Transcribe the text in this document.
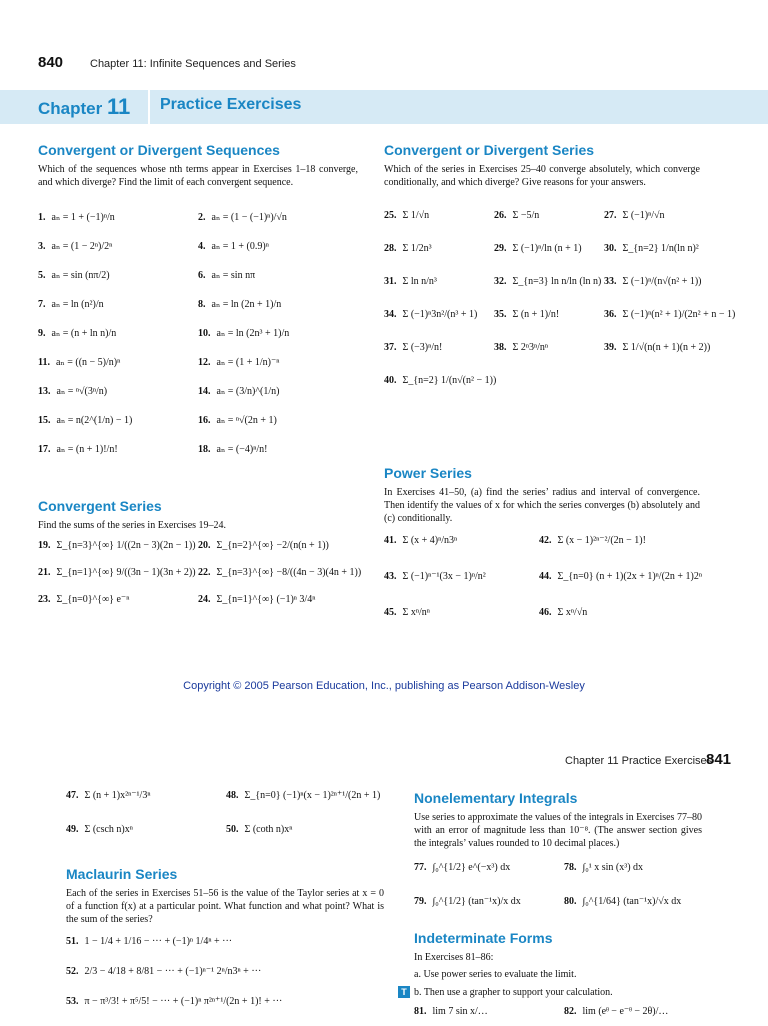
840 Chapter 11: Infinite Sequences and Series
Chapter 11 Practice Exercises
Convergent or Divergent Sequences
Which of the sequences whose nth terms appear in Exercises 1–18 converge, and which diverge? Find the limit of each convergent sequence.
1. aₙ = 1 + (−1)ⁿ/n	2. aₙ = (1 − (−1)ⁿ)/√n
3. aₙ = (1 − 2ⁿ)/2ⁿ	4. aₙ = 1 + (0.9)ⁿ
5. aₙ = sin (nπ/2)	6. aₙ = sin nπ
7. aₙ = ln (n²)/n	8. aₙ = ln (2n + 1)/n
9. aₙ = (n + ln n)/n	10. aₙ = ln (2n³ + 1)/n
11. aₙ = ((n − 5)/n)ⁿ	12. aₙ = (1 + 1/n)⁻ⁿ
13. aₙ = ⁿ√(3ⁿ/n)	14. aₙ = (3/n)^(1/n)
15. aₙ = n(2^(1/n) − 1)	16. aₙ = ⁿ√(2n + 1)
17. aₙ = (n + 1)!/n!	18. aₙ = (−4)ⁿ/n!
Convergent Series
Find the sums of the series in Exercises 19–24.
19. Σ_{n=3}^{∞} 1/((2n − 3)(2n − 1)) 20. Σ_{n=2}^{∞} −2/(n(n + 1))
21. Σ_{n=1}^{∞} 9/((3n − 1)(3n + 2)) 22. Σ_{n=3}^{∞} −8/((4n − 3)(4n + 1))
23. Σ_{n=0}^{∞} e⁻ⁿ	24. Σ_{n=1}^{∞} (−1)ⁿ 3/4ⁿ
Convergent or Divergent Series
Which of the series in Exercises 25–40 converge absolutely, which converge conditionally, and which diverge? Give reasons for your answers.
25. Σ 1/√n	26. Σ −5/n	27. Σ (−1)ⁿ/√n
28. Σ 1/2n³	29. Σ (−1)ⁿ/ln (n + 1) 30. Σ_{n=2} 1/n(ln n)²
31. Σ ln n/n³	32. Σ_{n=3} ln n/ln (ln n) 33. Σ (−1)ⁿ/(n√(n² + 1))
34. Σ (−1)ⁿ3n²/(n³ + 1) 35. Σ (n + 1)/n!	36. Σ (−1)ⁿ(n² + 1)/(2n² + n − 1)
37. Σ (−3)ⁿ/n!	38. Σ 2ⁿ3ⁿ/nⁿ	39. Σ 1/√(n(n + 1)(n + 2))
40. Σ_{n=2} 1/(n√(n² − 1))
Power Series
In Exercises 41–50, (a) find the series’ radius and interval of convergence. Then identify the values of x for which the series converges (b) absolutely and (c) conditionally.
41. Σ (x + 4)ⁿ/n3ⁿ	42. Σ (x − 1)²ⁿ⁻²/(2n − 1)!
43. Σ (−1)ⁿ⁻¹(3x − 1)ⁿ/n²	44. Σ_{n=0} (n + 1)(2x + 1)ⁿ/(2n + 1)2ⁿ
45. Σ xⁿ/nⁿ	46. Σ xⁿ/√n
Copyright © 2005 Pearson Education, Inc., publishing as Pearson Addison-Wesley
Chapter 11 Practice Exercises
841
47. Σ (n + 1)x²ⁿ⁻¹/3ⁿ	48. Σ_{n=0} (−1)ⁿ(x − 1)²ⁿ⁺¹/(2n + 1)
49. Σ (csch n)xⁿ	50. Σ (coth n)xⁿ
Maclaurin Series
Each of the series in Exercises 51–56 is the value of the Taylor series at x = 0 of a function f(x) at a particular point. What function and what point? What is the sum of the series?
51. 1 − 1/4 + 1/16 − ··· + (−1)ⁿ 1/4ⁿ + ···
52. 2/3 − 4/18 + 8/81 − ··· + (−1)ⁿ⁻¹ 2ⁿ/n3ⁿ + ···
53. π − π³/3! + π⁵/5! − ··· + (−1)ⁿ π²ⁿ⁺¹/(2n + 1)! + ···
Nonelementary Integrals
Use series to approximate the values of the integrals in Exercises 77–80 with an error of magnitude less than 10⁻⁸. (The answer section gives the integrals’ values rounded to 10 decimal places.)
77. ∫₀^{1/2} e^(−x³) dx	78. ∫₀¹ x sin (x³) dx
79. ∫₀^{1/2} (tan⁻¹x)/x dx	80. ∫₀^{1/64} (tan⁻¹x)/√x dx
Indeterminate Forms
In Exercises 81–86:
a. Use power series to evaluate the limit.
T b. Then use a grapher to support your calculation.
81. lim 7 sin x/…	82. lim (eᶿ − e⁻ᶿ − 2θ)/…
